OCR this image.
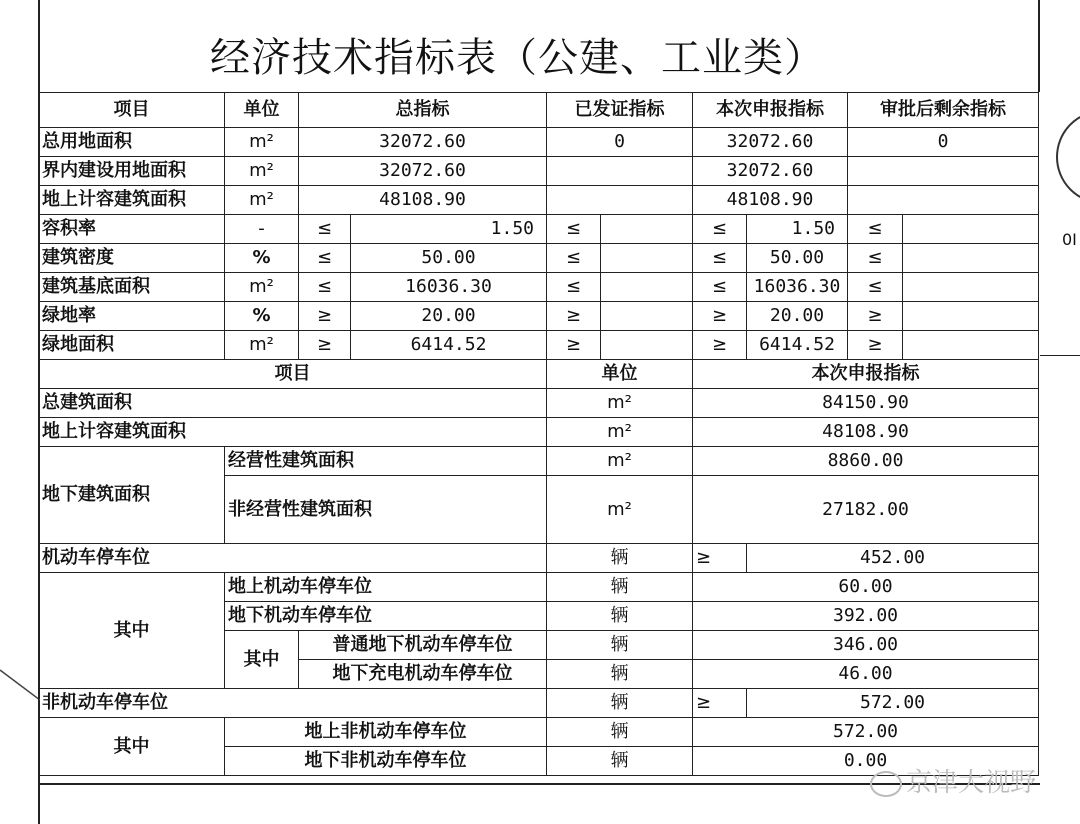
0I
经济技术指标表（公建、工业类）
项目	单位	总指标		已发证指标		本次申报指标		审批后剩余指标	
总用地面积	m²	32072.60		0		32072.60		0	
界内建设用地面积	m²	32072.60				32072.60			
地上计容建筑面积	m²	48108.90				48108.90			
容积率	-	≤	1.50	≤		≤	1.50	≤	
建筑密度	%	≤	50.00	≤		≤	50.00	≤	
建筑基底面积	m²	≤	16036.30	≤		≤	16036.30	≤	
绿地率	%	≥	20.00	≥		≥	20.00	≥	
绿地面积	m²	≥	6414.52	≥		≥	6414.52	≥	
项目				单位		本次申报指标			
总建筑面积				m²		84150.90			
地上计容建筑面积				m²		48108.90			
地下建筑面积	经营性建筑面积			m²		8860.00			
	非经营性建筑面积			m²		27182.00			
机动车停车位				辆		≥	452.00		
其中	地上机动车停车位			辆		60.00			
	地下机动车停车位			辆		392.00			
	其中	普通地下机动车停车位		辆		346.00			
		地下充电机动车停车位		辆		46.00			
非机动车停车位				辆		≥	572.00		
其中	地上非机动车停车位			辆		572.00			
	地下非机动车停车位			辆		0.00			
京津大视野
